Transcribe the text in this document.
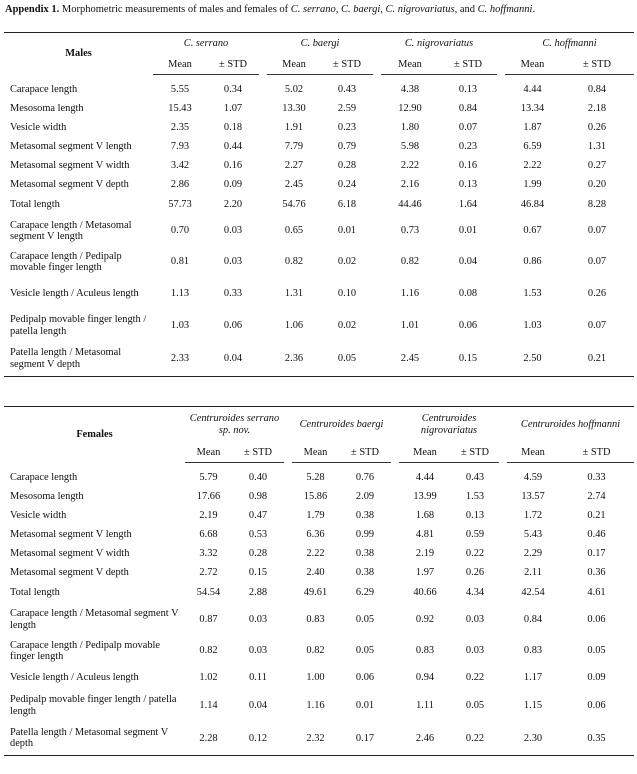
Appendix 1. Morphometric measurements of males and females of C. serrano, C. baergi, C. nigrovariatus, and C. hoffmanni.
Males	C. serrano			C. baergi			C. nigrovariatus			C. hoffmanni	
	Mean	± STD		Mean	± STD		Mean	± STD		Mean	± STD

Carapace length	5.55	0.34		5.02	0.43		4.38	0.13		4.44	0.84
Mesosoma length	15.43	1.07		13.30	2.59		12.90	0.84		13.34	2.18
Vesicle width	2.35	0.18		1.91	0.23		1.80	0.07		1.87	0.26
Metasomal segment V length	7.93	0.44		7.79	0.79		5.98	0.23		6.59	1.31
Metasomal segment V width	3.42	0.16		2.27	0.28		2.22	0.16		2.22	0.27
Metasomal segment V depth	2.86	0.09		2.45	0.24		2.16	0.13		1.99	0.20
Total length	57.73	2.20		54.76	6.18		44.46	1.64		46.84	8.28
Carapace length / Metasomal segment V length	0.70	0.03		0.65	0.01		0.73	0.01		0.67	0.07
Carapace length / Pedipalp movable finger length	0.81	0.03		0.82	0.02		0.82	0.04		0.86	0.07
Vesicle length / Aculeus length	1.13	0.33		1.31	0.10		1.16	0.08		1.53	0.26
Pedipalp movable finger length / patella length	1.03	0.06		1.06	0.02		1.01	0.06		1.03	0.07
Patella length / Metasomal segment V depth	2.33	0.04		2.36	0.05		2.45	0.15		2.50	0.21
Females	Centruroides serrano sp. nov.			Centruroides baergi			Centruroides nigrovariatus			Centruroides hoffmanni	
	Mean	± STD		Mean	± STD		Mean	± STD		Mean	± STD

Carapace length	5.79	0.40		5.28	0.76		4.44	0.43		4.59	0.33
Mesosoma length	17.66	0.98		15.86	2.09		13.99	1.53		13.57	2.74
Vesicle width	2.19	0.47		1.79	0.38		1.68	0.13		1.72	0.21
Metasomal segment V length	6.68	0.53		6.36	0.99		4.81	0.59		5.43	0.46
Metasomal segment V width	3.32	0.28		2.22	0.38		2.19	0.22		2.29	0.17
Metasomal segment V depth	2.72	0.15		2.40	0.38		1.97	0.26		2.11	0.36
Total length	54.54	2.88		49.61	6.29		40.66	4.34		42.54	4.61
Carapace length / Metasomal segment V length	0.87	0.03		0.83	0.05		0.92	0.03		0.84	0.06
Carapace length / Pedipalp movable finger length	0.82	0.03		0.82	0.05		0.83	0.03		0.83	0.05
Vesicle length / Aculeus length	1.02	0.11		1.00	0.06		0.94	0.22		1.17	0.09
Pedipalp movable finger length / patella length	1.14	0.04		1.16	0.01		1.11	0.05		1.15	0.06
Patella length / Metasomal segment V depth	2.28	0.12		2.32	0.17		2.46	0.22		2.30	0.35
